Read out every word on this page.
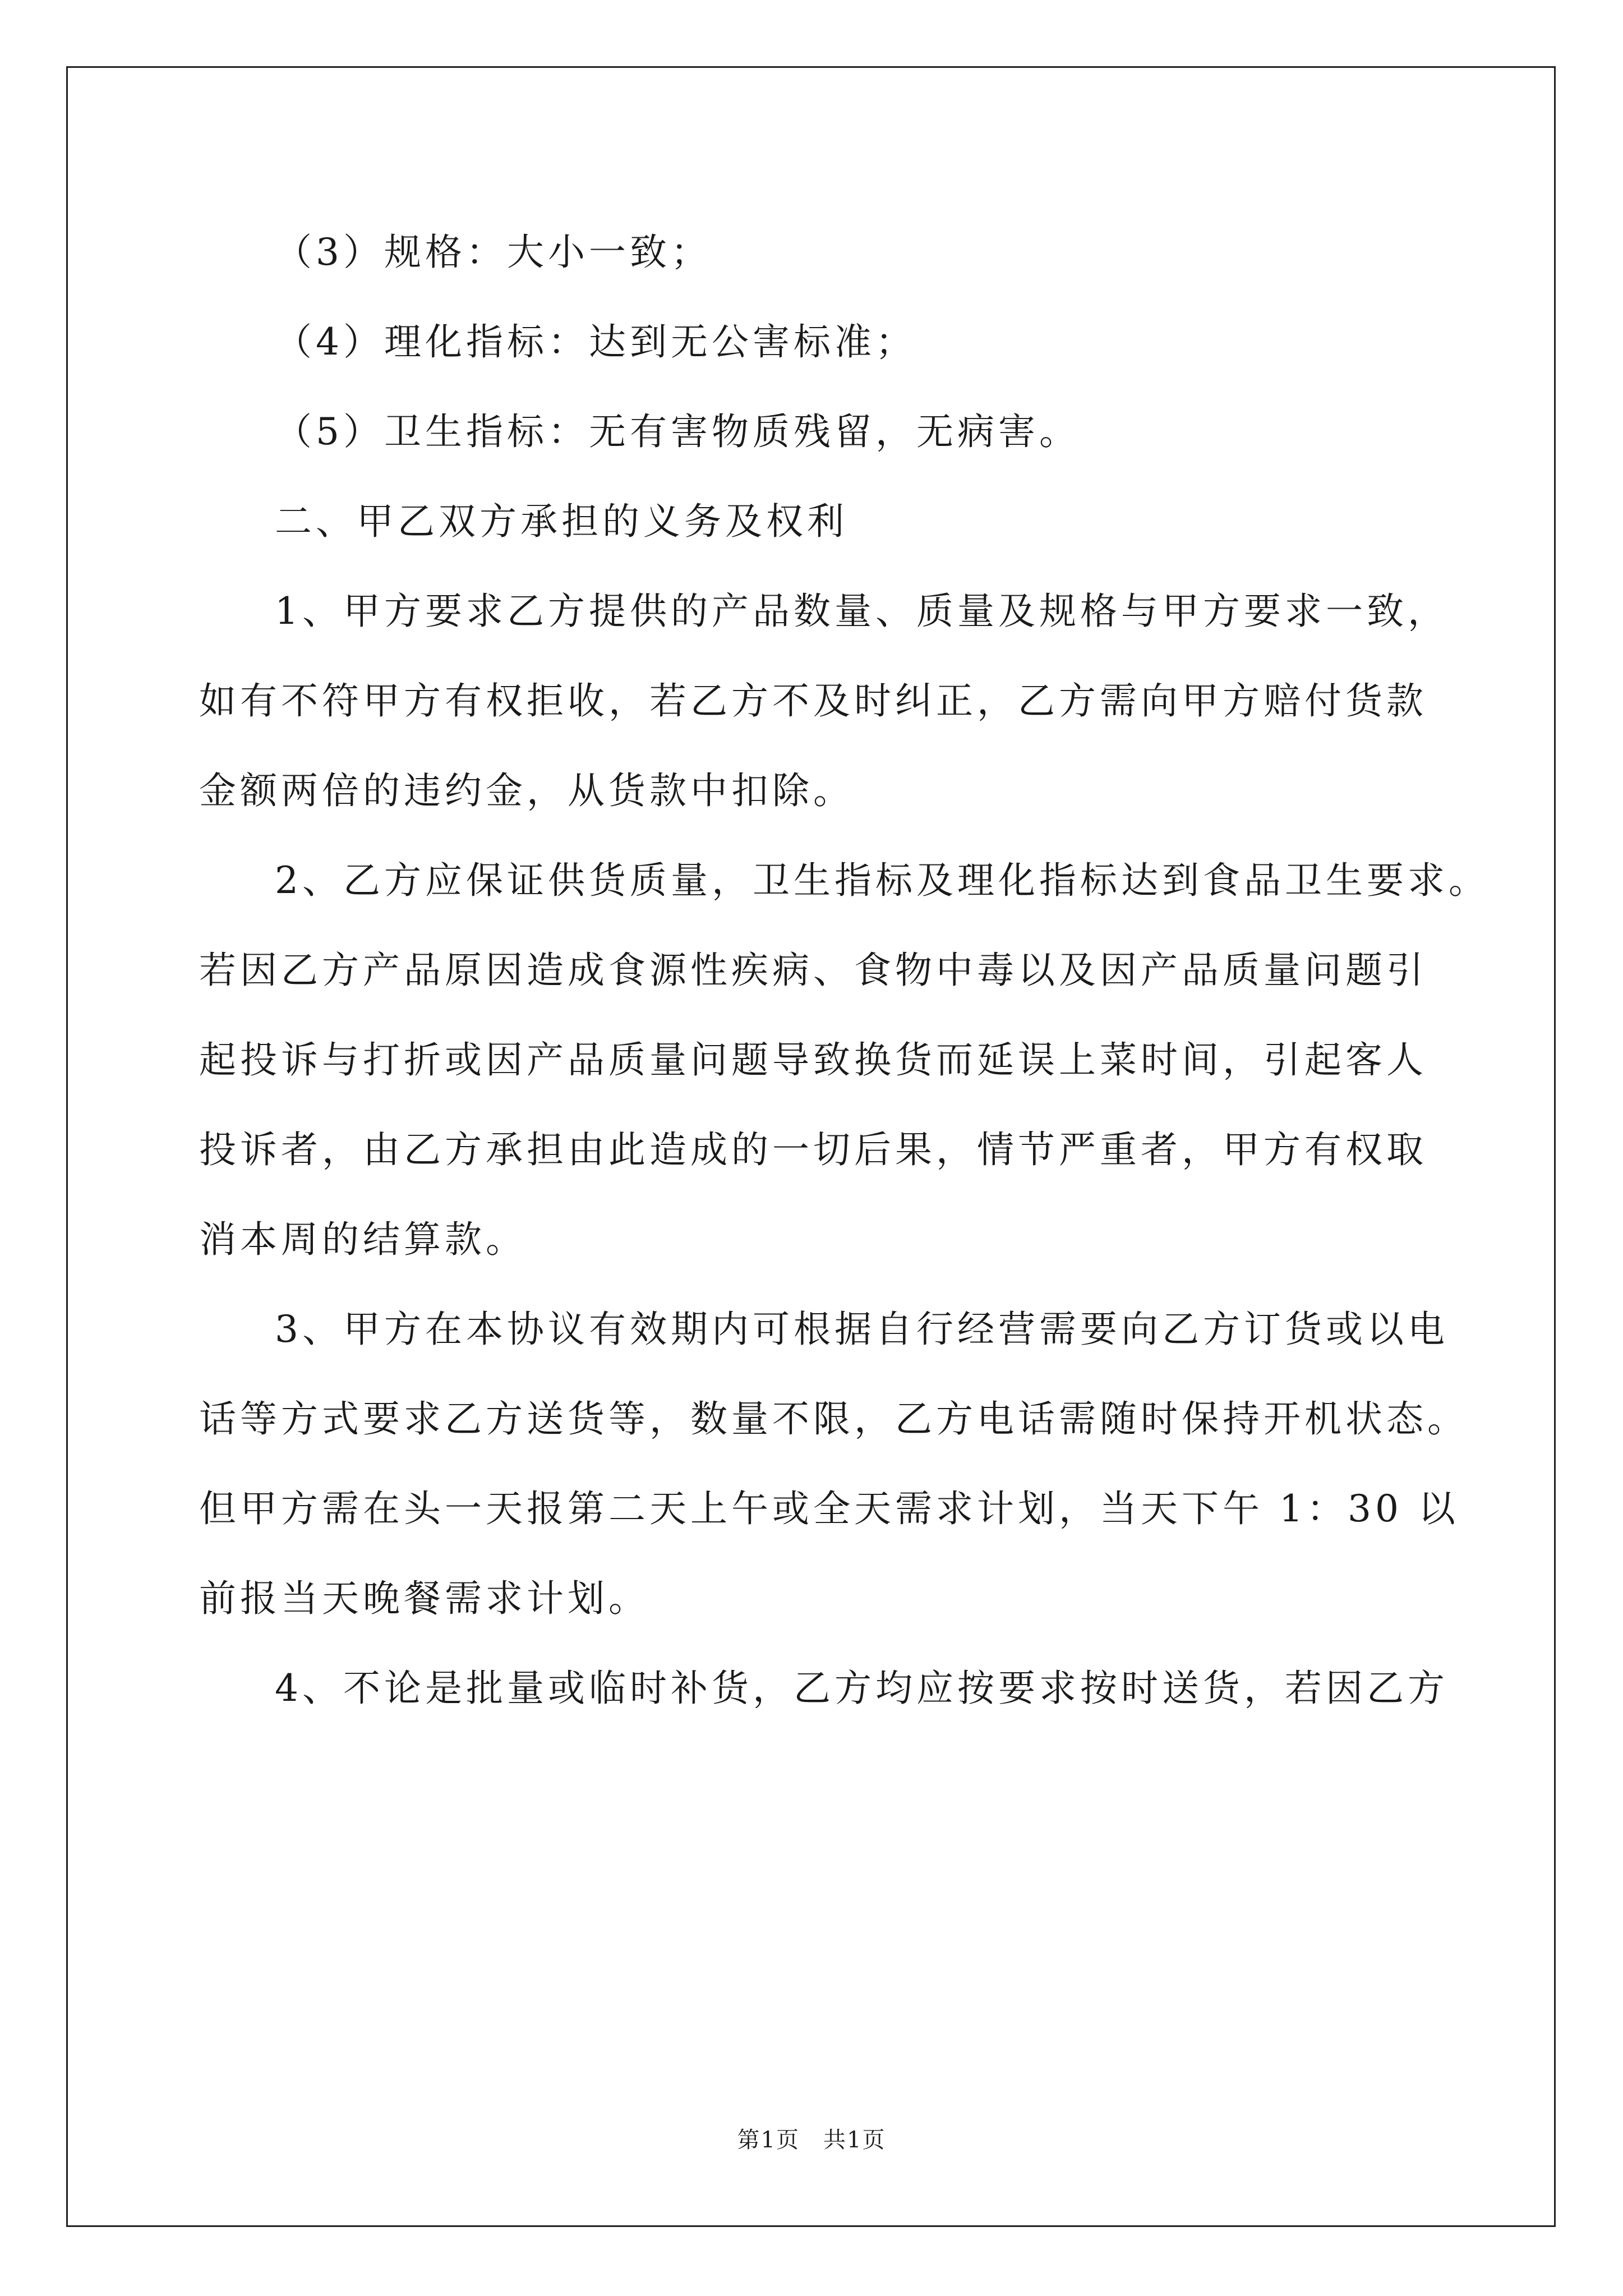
（3）规格：大小一致；
（4）理化指标：达到无公害标准；
（5）卫生指标：无有害物质残留，无病害。
二、甲乙双方承担的义务及权利
1、甲方要求乙方提供的产品数量、质量及规格与甲方要求一致，
如有不符甲方有权拒收，若乙方不及时纠正，乙方需向甲方赔付货款
金额两倍的违约金，从货款中扣除。
2、乙方应保证供货质量，卫生指标及理化指标达到食品卫生要求。
若因乙方产品原因造成食源性疾病、食物中毒以及因产品质量问题引
起投诉与打折或因产品质量问题导致换货而延误上菜时间，引起客人
投诉者，由乙方承担由此造成的一切后果，情节严重者，甲方有权取
消本周的结算款。
3、甲方在本协议有效期内可根据自行经营需要向乙方订货或以电
话等方式要求乙方送货等，数量不限，乙方电话需随时保持开机状态。
但甲方需在头一天报第二天上午或全天需求计划，当天下午 1：30 以
前报当天晚餐需求计划。
4、不论是批量或临时补货，乙方均应按要求按时送货，若因乙方
第1页　共1页
